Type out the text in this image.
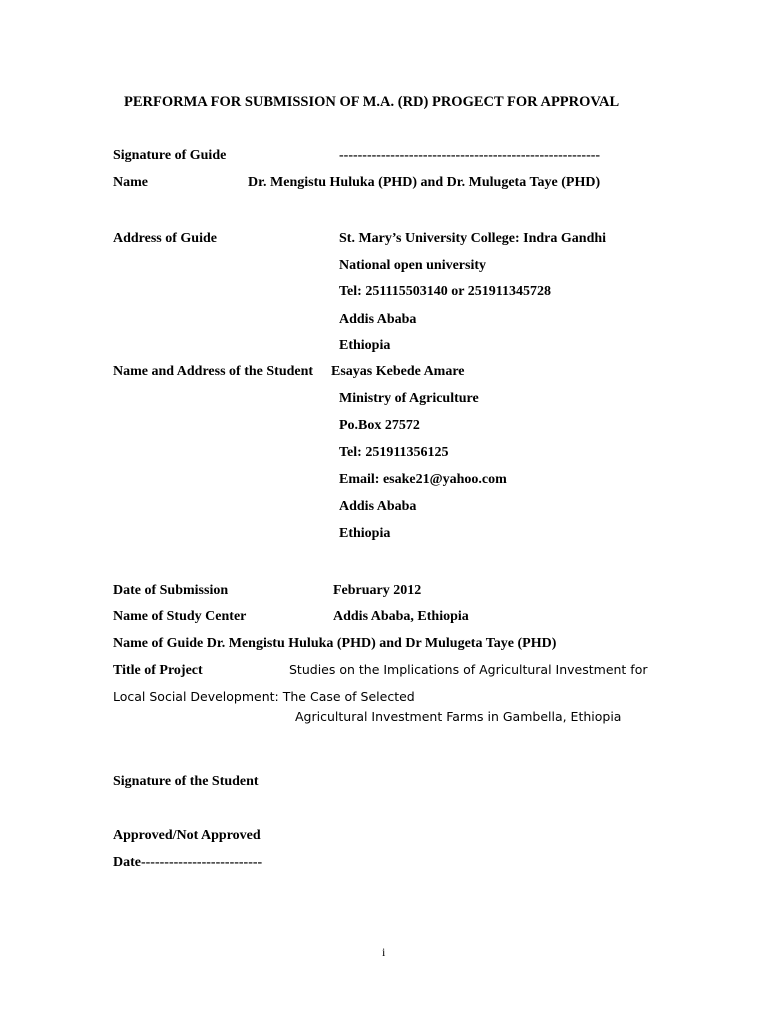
PERFORMA FOR SUBMISSION OF M.A. (RD) PROGECT FOR APPROVAL
Signature of Guide	--------------------------------------------------------
Name	Dr. Mengistu Huluka (PHD) and Dr. Mulugeta Taye (PHD)
Address of Guide	St. Mary’s University College: Indra Gandhi
National open university
Tel: 251115503140 or 251911345728
Addis Ababa
Ethiopia
Name and Address of the Student Esayas Kebede Amare
Ministry of Agriculture
Po.Box 27572
Tel: 251911356125
Email: esake21@yahoo.com
Addis Ababa
Ethiopia
Date of Submission	February 2012
Name of Study Center	Addis Ababa, Ethiopia
Name of Guide Dr. Mengistu Huluka (PHD) and Dr Mulugeta Taye (PHD)
Title of Project	Studies on the Implications of Agricultural Investment for
Local Social Development: The Case of Selected
Agricultural Investment Farms in Gambella, Ethiopia
Signature of the Student
Approved/Not Approved
Date--------------------------
i
